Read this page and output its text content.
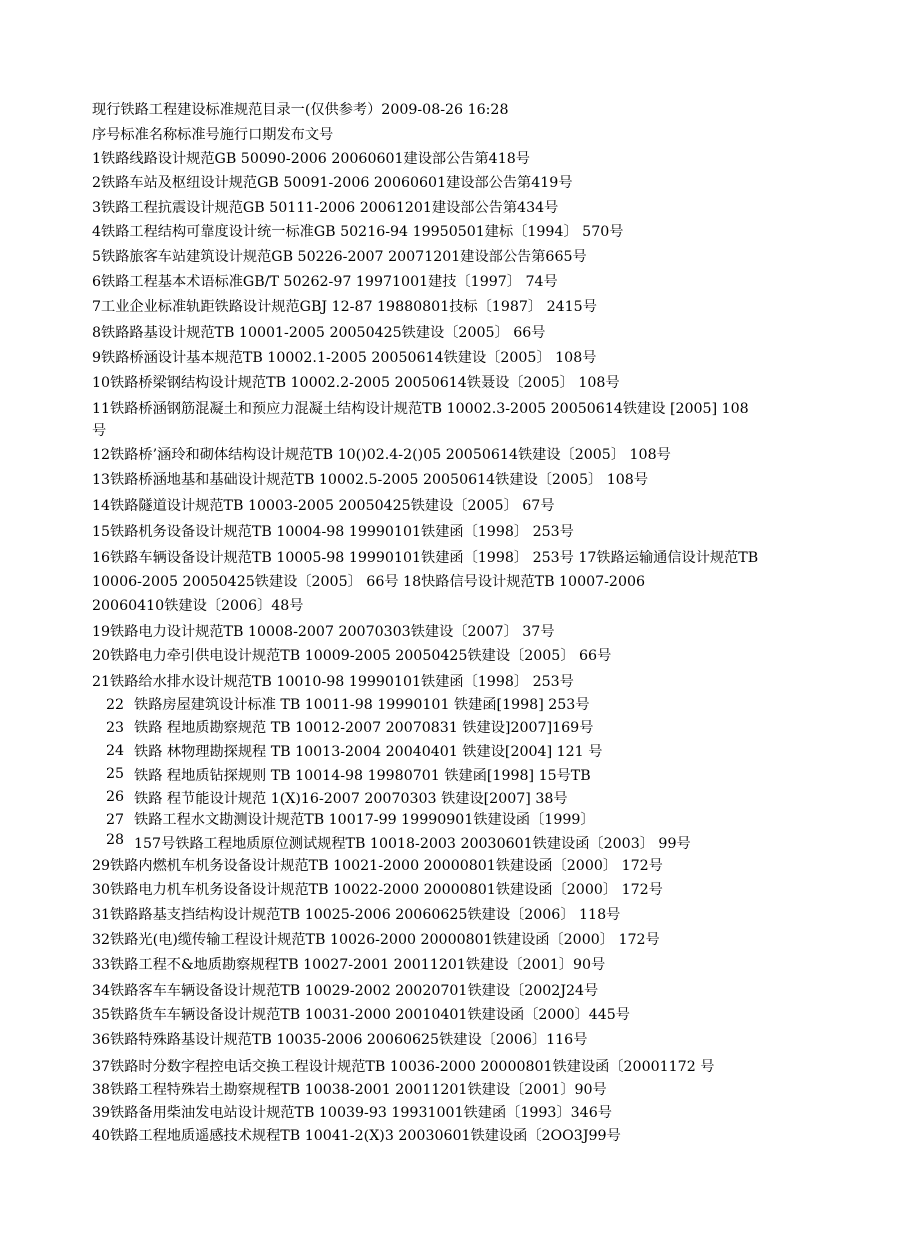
现行铁路工程建设标准规范目录一(仅供参考）2009-08-26 16:28
序号标准名称标准号施行口期发布文号
1铁路线路设计规范GB 50090-2006 20060601建设部公告第418号
2铁路车站及枢纽设计规范GB 50091-2006 20060601建设部公告第419号
3铁路工程抗震设计规范GB 50111-2006 20061201建设部公告第434号
4铁路工程结构可靠度设计统一标准GB 50216-94 19950501建标〔1994〕 570号
5铁路旅客车站建筑设计规范GB 50226-2007 20071201建设部公告第665号
6铁路工程基本术语标准GB/T 50262-97 19971001建技〔1997〕 74号
7工业企业标准轨距铁路设计规范GBJ 12-87 19880801技标〔1987〕 2415号
8铁路路基设计规范TB 10001-2005 20050425铁建设〔2005〕 66号
9铁路桥涵设计基本规范TB 10002.1-2005 20050614铁建设〔2005〕 108号
10铁路桥梁钢结构设计规范TB 10002.2-2005 20050614铁聂设〔2005〕 108号
11铁路桥涵钢筋混凝土和预应力混凝土结构设计规范TB 10002.3-2005 20050614铁建设 [2005] 108
号
12铁路桥’涵玲和砌体结构设计规范TB 10()02.4-2()05 20050614铁建设〔2005〕 108号
13铁路桥涵地基和基础设计规范TB 10002.5-2005 20050614铁建设〔2005〕 108号
14铁路隧道设计规范TB 10003-2005 20050425铁建设〔2005〕 67号
15铁路机务设备设计规范TB 10004-98 19990101铁建函〔1998〕 253号
16铁路车辆设备设计规范TB 10005-98 19990101铁建函〔1998〕 253号 17铁路运输通信设计规范TB
10006-2005 20050425铁建设〔2005〕 66号 18快路信号设计规范TB 10007-2006
20060410铁建设〔2006〕48号
19铁路电力设计规范TB 10008-2007 20070303铁建设〔2007〕 37号
20铁路电力牵引供电设计规范TB 10009-2005 20050425铁建设〔2005〕 66号
21铁路给水排水设计规范TB 10010-98 19990101铁建函〔1998〕 253号
22 铁路房屋建筑设计标准 TB 10011-98 19990101 铁建函[1998] 253号
23 铁路 程地质勘察规范 TB 10012-2007 20070831 铁建设]2007]169号
24 铁路 林物理勘探规程 TB 10013-2004 20040401 铁建设[2004] 121 号
25 铁路 程地质钻探规则 TB 10014-98 19980701 铁建函[1998] 15号TB
26 铁路 程节能设计规范 1(X)16-2007 20070303 铁建设[2007] 38号
27 铁路工程水文勘测设计规范TB 10017-99 19990901铁建设函〔1999〕
28 157号铁路工程地质原位测试规程TB 10018-2003 20030601铁建设函〔2003〕 99号
29铁路内燃机车机务设备设计规范TB 10021-2000 20000801铁建设函〔2000〕 172号
30铁路电力机车机务设备设计规范TB 10022-2000 20000801铁建设函〔2000〕 172号
31铁路路基支挡结构设计规范TB 10025-2006 20060625铁建设〔2006〕 118号
32铁路光(电)缆传输工程设计规范TB 10026-2000 20000801铁建设函〔2000〕 172号
33铁路工程不&地质勘察规程TB 10027-2001 20011201铁建设〔2001〕90号
34铁路客车车辆设备设计规范TB 10029-2002 20020701铁建设〔2002J24号
35铁路货车车辆设备设计规范TB 10031-2000 20010401铁建设函〔2000〕445号
36铁路特殊路基设计规范TB 10035-2006 20060625铁建设〔2006〕116号
37铁路时分数字程控电话交换工程设计规范TB 10036-2000 20000801铁建设函〔20001172 号
38铁路工程特殊岩土勘察规程TB 10038-2001 20011201铁建设〔2001〕90号
39铁路备用柴油发电站设计规范TB 10039-93 19931001铁建函〔1993〕346号
40铁路工程地质遥感技术规程TB 10041-2(X)3 20030601铁建设函〔2OO3J99号
